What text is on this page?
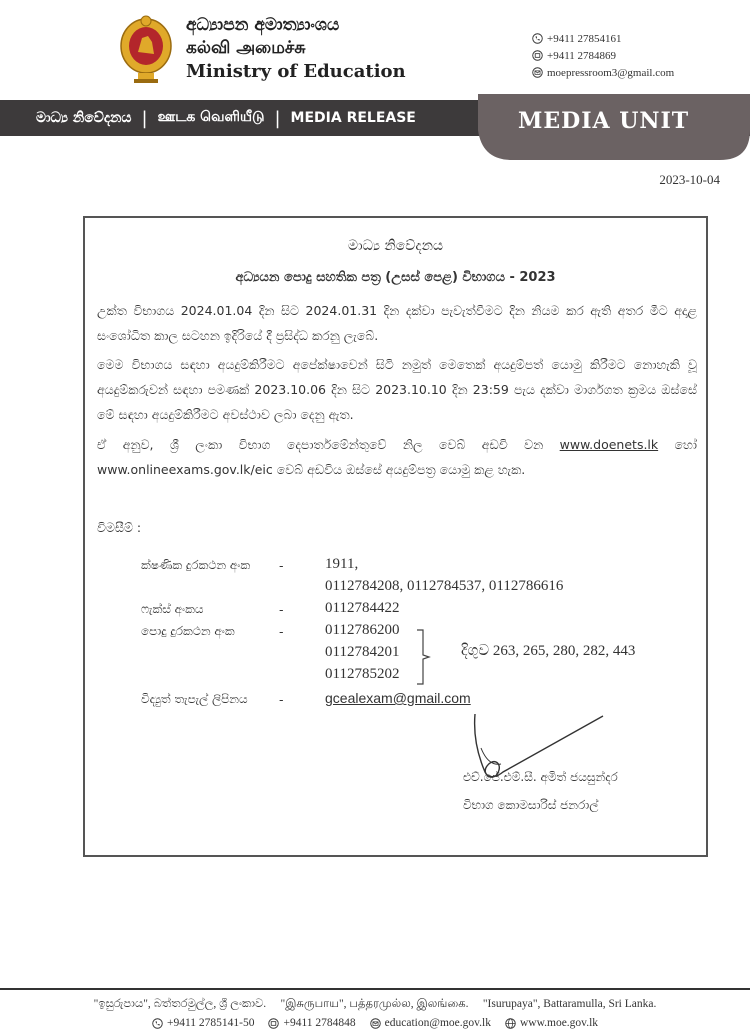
අධ්‍යාපන අමාත්‍යාංශය
கல்வி அமைச்சு
Ministry of Education
+9411 27854161
+9411 2784869
moepressroom3@gmail.com
මාධ්‍ය නිවේදනය | ஊடக வெளியீடு | MEDIA RELEASE	MEDIA UNIT
2023-10-04
මාධ්‍ය නිවේදනය
අධ්‍යයන පොදු සහතික පත්‍ර (උසස් පෙළ) විභාගය - 2023
උක්ත විභාගය 2024.01.04 දින සිට 2024.01.31 දින දක්වා පැවැත්වීමට දින නියම කර ඇති අතර මීට අදාළ සංශෝධිත කාල සටහන ඉදිරියේ දී ප්‍රසිද්ධ කරනු ලැබේ.
මෙම විභාගය සඳහා අයදුම්කිරීමට අපේක්ෂාවෙන් සිටි නමුත් මෙතෙක් අයදුම්පත් යොමු කිරීමට නොහැකි වූ අයදුම්කරුවන් සඳහා පමණක් 2023.10.06 දින සිට 2023.10.10 දින 23:59 පැය දක්වා මාර්ගගත ක්‍රමය ඔස්සේ මේ සඳහා අයදුම්කිරීමට අවස්ථාව ලබා දෙනු ඇත.
ඒ අනුව, ශ්‍රී ලංකා විභාග දෙපාර්තමේන්තුවේ නිල වෙබ් අඩවි වන www.doenets.lk හෝ www.onlineexams.gov.lk/eic වෙබ් අඩවිය ඔස්සේ අයදුම්පත්‍ර යොමු කළ හැක.
විමසීම් :
ක්ෂණික දුරකථන අංක -	1911,
0112784208, 0112784537, 0112786616
ෆැක්ස් අංකය	-	0112784422
පොදු දුරකථන අංක	-	0112786200
0112784201
0112785202
දිගුව 263, 265, 280, 282, 443
විද්‍යුත් තැපැල් ලිපිනය	-	gcealexam@gmail.com
එච්.ජේ.එම්.සී. අමිත් ජයසුන්දර
විභාග කොමසාරිස් ජනරාල්
"ඉසුරුපාය", බත්තරමුල්ල, ශ්‍රී ලංකාව.     "இசுருபாய", பத்தரமுல்ல, இலங்கை.     "Isurupaya", Battaramulla, Sri Lanka.
+9411 2785141-50	+9411 2784848	education@moe.gov.lk	www.moe.gov.lk
